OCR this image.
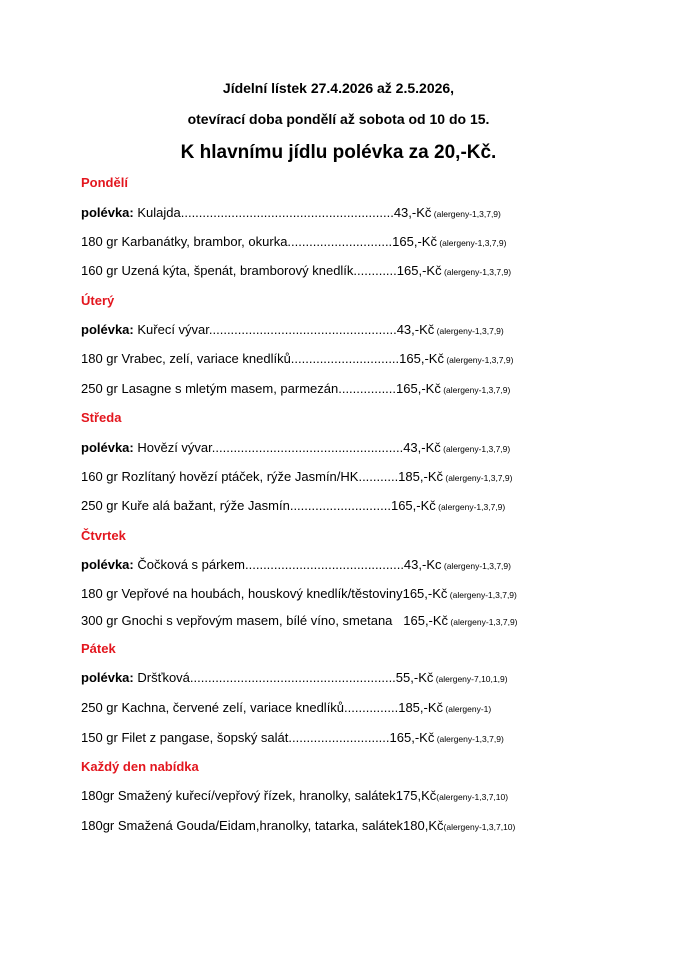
Jídelní lístek 27.4.2026 až 2.5.2026,
otevírací doba pondělí až sobota od 10 do 15.
K hlavnímu jídlu polévka za 20,-Kč.
Pondělí
polévka: Kulajda...........................................................43,-Kč (alergeny-1,3,7,9)
180 gr Karbanátky, brambor, okurka.............................165,-Kč (alergeny-1,3,7,9)
160 gr Uzená kýta, špenát, bramborový knedlík............165,-Kč (alergeny-1,3,7,9)
Úterý
polévka: Kuřecí vývar....................................................43,-Kč (alergeny-1,3,7,9)
180 gr Vrabec, zelí, variace knedlíků..............................165,-Kč (alergeny-1,3,7,9)
250 gr Lasagne s mletým masem, parmezán................165,-Kč (alergeny-1,3,7,9)
Středa
polévka: Hovězí vývar.....................................................43,-Kč (alergeny-1,3,7,9)
160 gr Rozlítaný hovězí ptáček, rýže Jasmín/HK...........185,-Kč (alergeny-1,3,7,9)
250 gr Kuře alá bažant, rýže Jasmín............................165,-Kč (alergeny-1,3,7,9)
Čtvrtek
polévka: Čočková s párkem............................................43,-Kc (alergeny-1,3,7,9)
180 gr Vepřové na houbách, houskový knedlík/těstoviny165,-Kč (alergeny-1,3,7,9)
300 gr Gnochi s vepřovým masem, bílé víno, smetana   165,-Kč (alergeny-1,3,7,9)
Pátek
polévka: Dršťková.........................................................55,-Kč (alergeny-7,10,1,9)
250 gr Kachna, červené zelí, variace knedlíků...............185,-Kč (alergeny-1)
150 gr Filet z pangase, šopský salát............................165,-Kč (alergeny-1,3,7,9)
Každý den nabídka
180gr Smažený kuřecí/vepřový řízek, hranolky, salátek175,Kč(alergeny-1,3,7,10)
180gr Smažená Gouda/Eidam,hranolky, tatarka, salátek180,Kč(alergeny-1,3,7,10)
